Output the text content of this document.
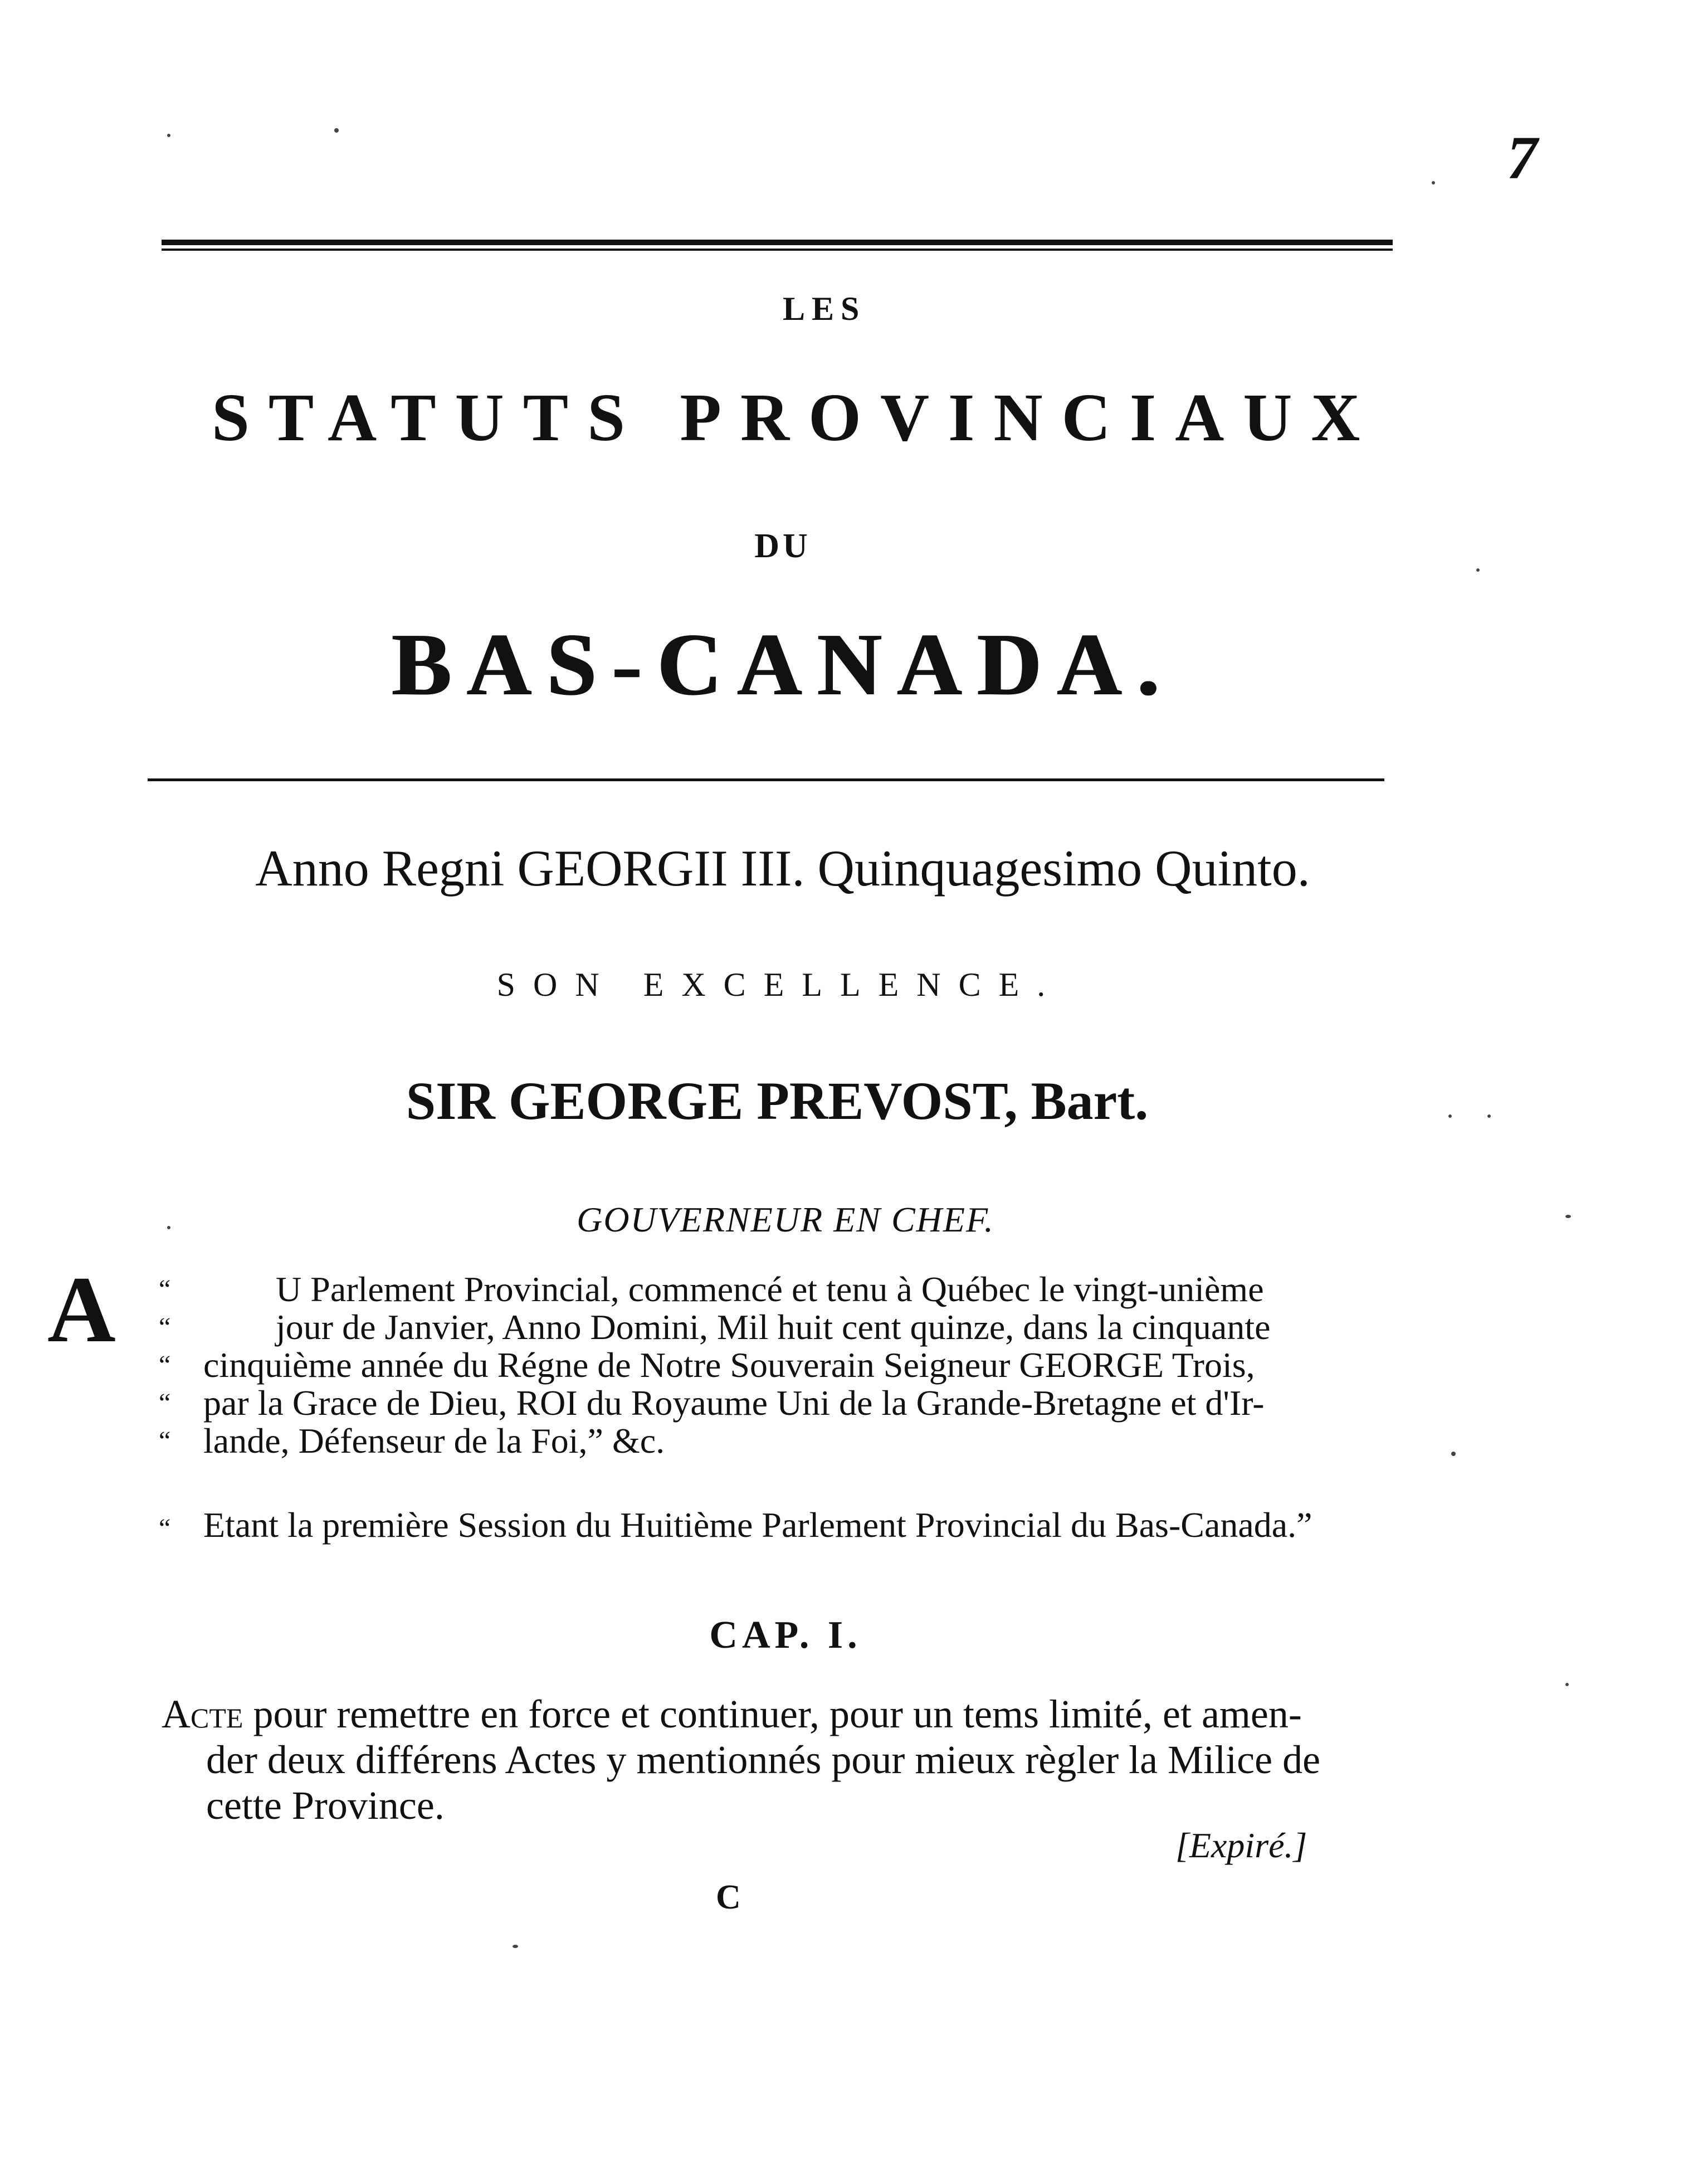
7
LES
STATUTS PROVINCIAUX
DU
BAS-CANADA.
Anno Regni GEORGII III. Quinquagesimo Quinto.
SON EXCELLENCE.
SIR GEORGE PREVOST, Bart.
GOUVERNEUR EN CHEF.
A “	U Parlement Provincial, commencé et tenu à Québec le vingt-unième
“	jour de Janvier, Anno Domini, Mil huit cent quinze, dans la cinquante
“ cinquième année du Régne de Notre Souverain Seigneur GEORGE Trois,
“ par la Grace de Dieu, ROI du Royaume Uni de la Grande-Bretagne et d'Ir-
“ lande, Défenseur de la Foi,” &c.
“ Etant la première Session du Huitième Parlement Provincial du Bas-Canada.”
CAP. I.
Acte pour remettre en force et continuer, pour un tems limité, et amen-
der deux différens Actes y mentionnés pour mieux règler la Milice de
cette Province.
[Expiré.]
C
